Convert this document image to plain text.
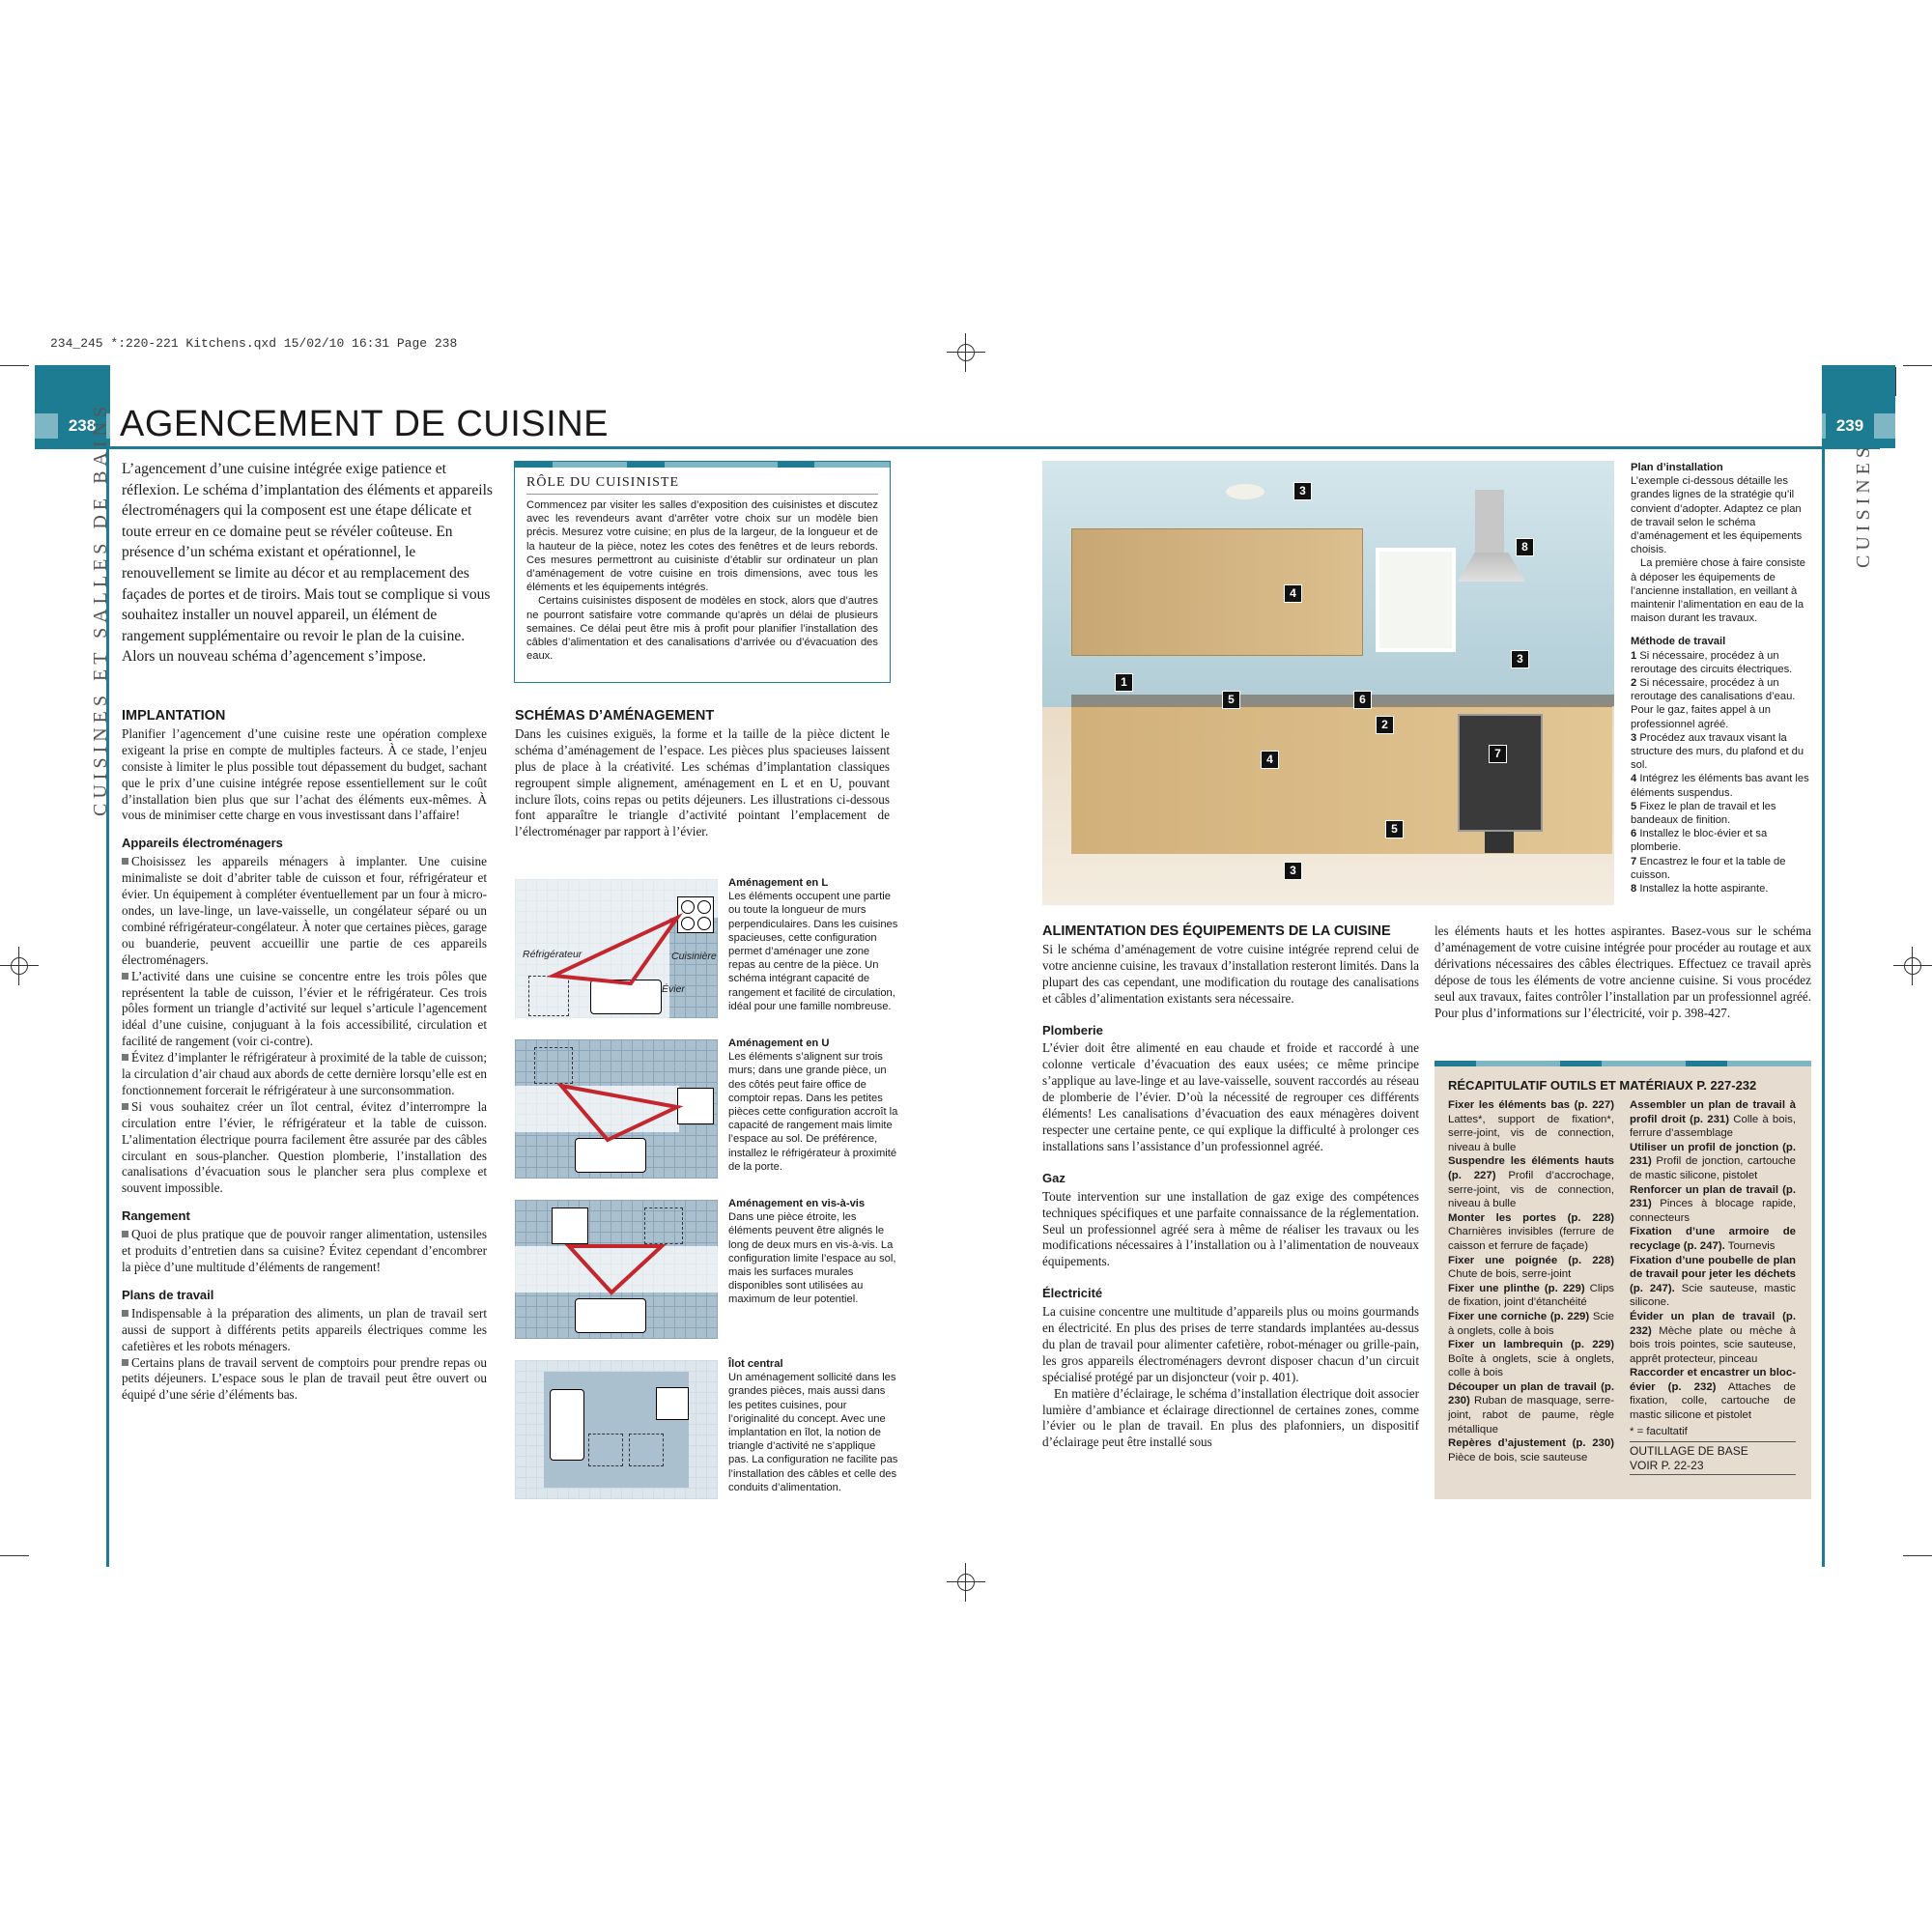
234_245 *:220-221 Kitchens.qxd 15/02/10 16:31 Page 238
238 AGENCEMENT DE CUISINE	239
CUISINES ET SALLES DE BAINS	CUISINES
L’agencement d’une cuisine intégrée exige patience et réflexion. Le schéma d’implantation des éléments et appareils électroménagers qui la composent est une étape délicate et toute erreur en ce domaine peut se révéler coûteuse. En présence d’un schéma existant et opérationnel, le renouvellement se limite au décor et au remplacement des façades de portes et de tiroirs. Mais tout se complique si vous souhaitez installer un nouvel appareil, un élément de rangement supplémentaire ou revoir le plan de la cuisine. Alors un nouveau schéma d’agencement s’impose.
IMPLANTATION

Planifier l’agencement d’une cuisine reste une opération complexe exigeant la prise en compte de multiples facteurs. À ce stade, l’enjeu consiste à limiter le plus possible tout dépassement du budget, sachant que le prix d’une cuisine intégrée repose essentiellement sur le coût d’installation bien plus que sur l’achat des éléments eux-mêmes. À vous de minimiser cette charge en vous investissant dans l’affaire!

Appareils électroménagers

Choisissez les appareils ménagers à implanter. Une cuisine minimaliste se doit d’abriter table de cuisson et four, réfrigérateur et évier. Un équipement à compléter éventuellement par un four à micro-ondes, un lave-linge, un lave-vaisselle, un congélateur séparé ou un combiné réfrigérateur-congélateur. À noter que certaines pièces, garage ou buanderie, peuvent accueillir une partie de ces appareils électroménagers.

L’activité dans une cuisine se concentre entre les trois pôles que représentent la table de cuisson, l’évier et le réfrigérateur. Ces trois pôles forment un triangle d’activité sur lequel s’articule l’agencement idéal d’une cuisine, conjuguant à la fois accessibilité, circulation et facilité de rangement (voir ci-contre).

Évitez d’implanter le réfrigérateur à proximité de la table de cuisson; la circulation d’air chaud aux abords de cette dernière lorsqu’elle est en fonctionnement forcerait le réfrigérateur à une surconsommation.

Si vous souhaitez créer un îlot central, évitez d’interrompre la circulation entre l’évier, le réfrigérateur et la table de cuisson. L’alimentation électrique pourra facilement être assurée par des câbles circulant en sous-plancher. Question plomberie, l’installation des canalisations d’évacuation sous le plancher sera plus complexe et souvent impossible.

Rangement

Quoi de plus pratique que de pouvoir ranger alimentation, ustensiles et produits d’entretien dans sa cuisine? Évitez cependant d’encombrer la pièce d’une multitude d’éléments de rangement!

Plans de travail

Indispensable à la préparation des aliments, un plan de travail sert aussi de support à différents petits appareils électriques comme les cafetières et les robots ménagers.

Certains plans de travail servent de comptoirs pour prendre repas ou petits déjeuners. L’espace sous le plan de travail peut être ouvert ou équipé d’une série d’éléments bas.

RÔLE DU CUISINISTE
Commencez par visiter les salles d’exposition des cuisinistes et discutez avec les revendeurs avant d’arrêter votre choix sur un modèle bien précis. Mesurez votre cuisine; en plus de la largeur, de la longueur et de la hauteur de la pièce, notez les cotes des fenêtres et de leurs rebords. Ces mesures permettront au cuisiniste d’établir sur ordinateur un plan d’aménagement de votre cuisine en trois dimensions, avec tous les éléments et les équipements intégrés.
Certains cuisinistes disposent de modèles en stock, alors que d’autres ne pourront satisfaire votre commande qu’après un délai de plusieurs semaines. Ce délai peut être mis à profit pour planifier l’installation des câbles d’alimentation et des canalisations d’arrivée ou d’évacuation des eaux.
SCHÉMAS D’AMÉNAGEMENT

Dans les cuisines exiguës, la forme et la taille de la pièce dictent le schéma d’aménagement de l’espace. Les pièces plus spacieuses laissent plus de place à la créativité. Les schémas d’implantation classiques regroupent simple alignement, aménagement en L et en U, pouvant inclure îlots, coins repas ou petits déjeuners. Les illustrations ci-dessous font apparaître le triangle d’activité pointant l’emplacement de l’électroménager par rapport à l’évier.

Réfrigérateur	Cuisinière
Évier
Aménagement en L
Les éléments occupent une partie ou toute la longueur de murs perpendiculaires. Dans les cuisines spacieuses, cette configuration permet d’aménager une zone repas au centre de la pièce. Un schéma intégrant capacité de rangement et facilité de circulation, idéal pour une famille nombreuse.
Aménagement en U
Les éléments s’alignent sur trois murs; dans une grande pièce, un des côtés peut faire office de comptoir repas. Dans les petites pièces cette configuration accroît la capacité de rangement mais limite l’espace au sol. De préférence, installez le réfrigérateur à proximité de la porte.
Aménagement en vis-à-vis
Dans une pièce étroite, les éléments peuvent être alignés le long de deux murs en vis-à-vis. La configuration limite l’espace au sol, mais les surfaces murales disponibles sont utilisées au maximum de leur potentiel.
Îlot central
Un aménagement sollicité dans les grandes pièces, mais aussi dans les petites cuisines, pour l’originalité du concept. Avec une implantation en îlot, la notion de triangle d’activité ne s’applique pas. La configuration ne facilite pas l’installation des câbles et celle des conduits d’alimentation.
3
8
4
3
1
5	6
2
7
4
5
3
Plan d’installation
L’exemple ci-dessous détaille les grandes lignes de la stratégie qu’il convient d’adopter. Adaptez ce plan de travail selon le schéma d’aménagement et les équipements choisis.
La première chose à faire consiste à déposer les équipements de l’ancienne installation, en veillant à maintenir l’alimentation en eau de la maison durant les travaux.
Méthode de travail
1 Si nécessaire, procédez à un reroutage des circuits électriques.
2 Si nécessaire, procédez à un reroutage des canalisations d’eau. Pour le gaz, faites appel à un professionnel agréé.
3 Procédez aux travaux visant la structure des murs, du plafond et du sol.
4 Intégrez les éléments bas avant les éléments suspendus.
5 Fixez le plan de travail et les bandeaux de finition.
6 Installez le bloc-évier et sa plomberie.
7 Encastrez le four et la table de cuisson.
8 Installez la hotte aspirante.
ALIMENTATION DES ÉQUIPEMENTS DE LA CUISINE

Si le schéma d’aménagement de votre cuisine intégrée reprend celui de votre ancienne cuisine, les travaux d’installation resteront limités. Dans la plupart des cas cependant, une modification du routage des canalisations et câbles d’alimentation existants sera nécessaire.

Plomberie

L’évier doit être alimenté en eau chaude et froide et raccordé à une colonne verticale d’évacuation des eaux usées; ce même principe s’applique au lave-linge et au lave-vaisselle, souvent raccordés au réseau de plomberie de l’évier. D’où la nécessité de regrouper ces différents éléments! Les canalisations d’évacuation des eaux ménagères doivent respecter une certaine pente, ce qui explique la difficulté à prolonger ces installations sans l’assistance d’un professionnel agréé.

Gaz

Toute intervention sur une installation de gaz exige des compétences techniques spécifiques et une parfaite connaissance de la réglementation. Seul un professionnel agréé sera à même de réaliser les travaux ou les modifications nécessaires à l’installation ou à l’alimentation de nouveaux équipements.

Électricité

La cuisine concentre une multitude d’appareils plus ou moins gourmands en électricité. En plus des prises de terre standards implantées au-dessus du plan de travail pour alimenter cafetière, robot-ménager ou grille-pain, les gros appareils électroménagers devront disposer chacun d’un circuit spécialisé protégé par un disjoncteur (voir p. 401).

En matière d’éclairage, le schéma d’installation électrique doit associer lumière d’ambiance et éclairage directionnel de certaines zones, comme l’évier ou le plan de travail. En plus des plafonniers, un dispositif d’éclairage peut être installé sous

les éléments hauts et les hottes aspirantes. Basez-vous sur le schéma d’aménagement de votre cuisine intégrée pour procéder au routage et aux dérivations nécessaires des câbles électriques. Effectuez ce travail après dépose de tous les éléments de votre ancienne cuisine. Si vous procédez seul aux travaux, faites contrôler l’installation par un professionnel agréé. Pour plus d’informations sur l’électricité, voir p. 398-427.

RÉCAPITULATIF OUTILS ET MATÉRIAUX P. 227-232
Fixer les éléments bas (p. 227) Lattes*, support de fixation*, serre-joint, vis de connection, niveau à bulle
Suspendre les éléments hauts (p. 227) Profil d’accrochage, serre-joint, vis de connection, niveau à bulle
Monter les portes (p. 228) Charnières invisibles (ferrure de caisson et ferrure de façade)
Fixer une poignée (p. 228) Chute de bois, serre-joint
Fixer une plinthe (p. 229) Clips de fixation, joint d’étanchéité
Fixer une corniche (p. 229) Scie à onglets, colle à bois
Fixer un lambrequin (p. 229) Boîte à onglets, scie à onglets, colle à bois
Découper un plan de travail (p. 230) Ruban de masquage, serre-joint, rabot de paume, règle métallique
Repères d’ajustement (p. 230) Pièce de bois, scie sauteuse
Assembler un plan de travail à profil droit (p. 231) Colle à bois, ferrure d’assemblage
Utiliser un profil de jonction (p. 231) Profil de jonction, cartouche de mastic silicone, pistolet
Renforcer un plan de travail (p. 231) Pinces à blocage rapide, connecteurs
Fixation d’une armoire de recyclage (p. 247). Tournevis
Fixation d’une poubelle de plan de travail pour jeter les déchets (p. 247). Scie sauteuse, mastic silicone.
Évider un plan de travail (p. 232) Mèche plate ou mèche à bois trois pointes, scie sauteuse, apprêt protecteur, pinceau
Raccorder et encastrer un bloc-évier (p. 232) Attaches de fixation, colle, cartouche de mastic silicone et pistolet
* = facultatif
OUTILLAGE DE BASE
VOIR P. 22-23
